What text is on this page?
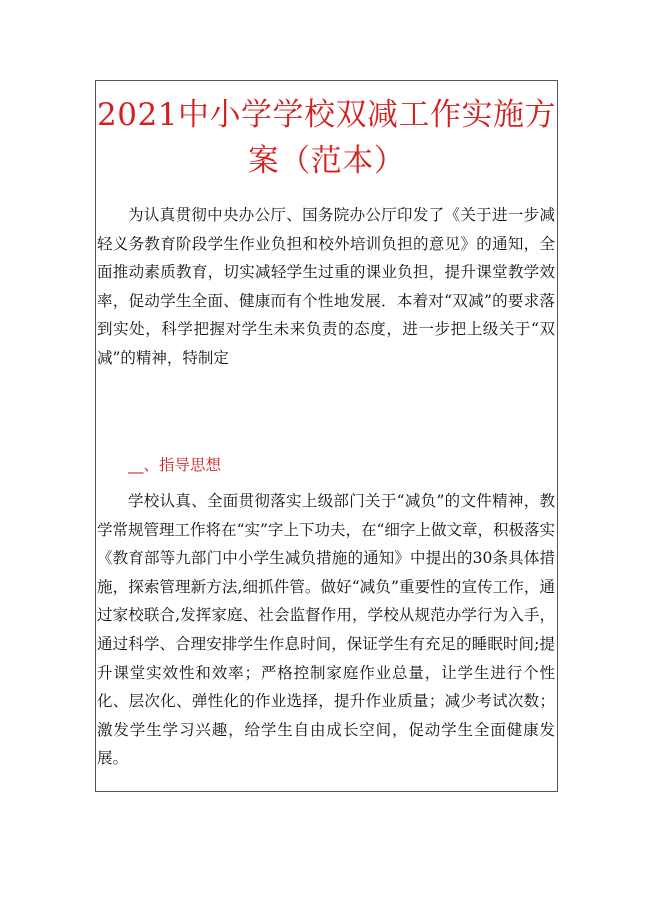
2021中小学学校双减工作实施方
案（范本）

为认真贯彻中央办公厅、国务院办公厅印发了《关于进一步减轻义务教育阶段学生作业负担和校外培训负担的意见》的通知，全面推动素质教育，切实减轻学生过重的课业负担，提升课堂教学效率，促动学生全面、健康而有个性地发展．本着对“双减”的要求落到实处，科学把握对学生未来负责的态度，进一步把上级关于“双减”的精神，特制定

__、指导思想

学校认真、全面贯彻落实上级部门关于“减负”的文件精神，教学常规管理工作将在“实”字上下功夫，在“细字上做文章，积极落实《教育部等九部门中小学生减负措施的通知》中提出的30条具体措施，探索管理新方法,细抓件管。做好“减负”重要性的宣传工作，通过家校联合,发挥家庭、社会监督作用，学校从规范办学行为入手，通过科学、合理安排学生作息时间，保证学生有充足的睡眠时间;提升课堂实效性和效率；严格控制家庭作业总量，让学生进行个性化、层次化、弹性化的作业选择，提升作业质量；减少考试次数；激发学生学习兴趣，给学生自由成长空间，促动学生全面健康发展。
